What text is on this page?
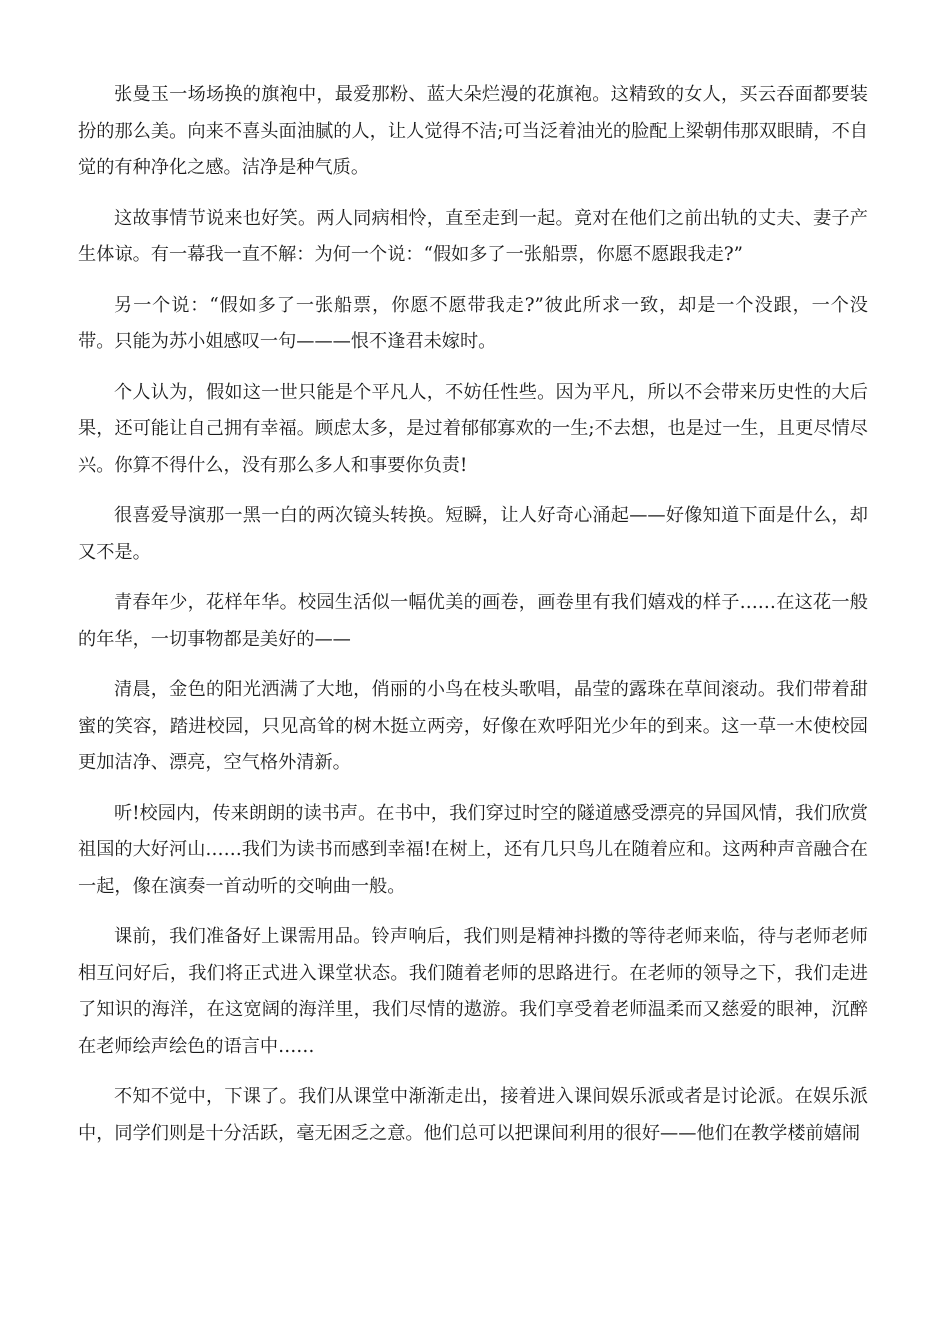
张曼玉一场场换的旗袍中，最爱那粉、蓝大朵烂漫的花旗袍。这精致的女人，买云吞面都要装扮的那么美。向来不喜头面油腻的人，让人觉得不洁;可当泛着油光的脸配上梁朝伟那双眼睛，不自觉的有种净化之感。洁净是种气质。

这故事情节说来也好笑。两人同病相怜，直至走到一起。竟对在他们之前出轨的丈夫、妻子产生体谅。有一幕我一直不解：为何一个说：“假如多了一张船票，你愿不愿跟我走?”

另一个说：“假如多了一张船票，你愿不愿带我走?”彼此所求一致，却是一个没跟，一个没带。只能为苏小姐感叹一句———恨不逢君未嫁时。

个人认为，假如这一世只能是个平凡人，不妨任性些。因为平凡，所以不会带来历史性的大后果，还可能让自己拥有幸福。顾虑太多，是过着郁郁寡欢的一生;不去想，也是过一生，且更尽情尽兴。你算不得什么，没有那么多人和事要你负责!

很喜爱导演那一黑一白的两次镜头转换。短瞬，让人好奇心涌起——好像知道下面是什么，却又不是。

青春年少，花样年华。校园生活似一幅优美的画卷，画卷里有我们嬉戏的样子……在这花一般的年华，一切事物都是美好的——

清晨，金色的阳光洒满了大地，俏丽的小鸟在枝头歌唱，晶莹的露珠在草间滚动。我们带着甜蜜的笑容，踏进校园，只见高耸的树木挺立两旁，好像在欢呼阳光少年的到来。这一草一木使校园更加洁净、漂亮，空气格外清新。

听!校园内，传来朗朗的读书声。在书中，我们穿过时空的隧道感受漂亮的异国风情，我们欣赏祖国的大好河山……我们为读书而感到幸福!在树上，还有几只鸟儿在随着应和。这两种声音融合在一起，像在演奏一首动听的交响曲一般。

课前，我们准备好上课需用品。铃声响后，我们则是精神抖擞的等待老师来临，待与老师老师相互问好后，我们将正式进入课堂状态。我们随着老师的思路进行。在老师的领导之下，我们走进了知识的海洋，在这宽阔的海洋里，我们尽情的遨游。我们享受着老师温柔而又慈爱的眼神，沉醉在老师绘声绘色的语言中……

不知不觉中，下课了。我们从课堂中渐渐走出，接着进入课间娱乐派或者是讨论派。在娱乐派中，同学们则是十分活跃，毫无困乏之意。他们总可以把课间利用的很好——他们在教学楼前嬉闹
